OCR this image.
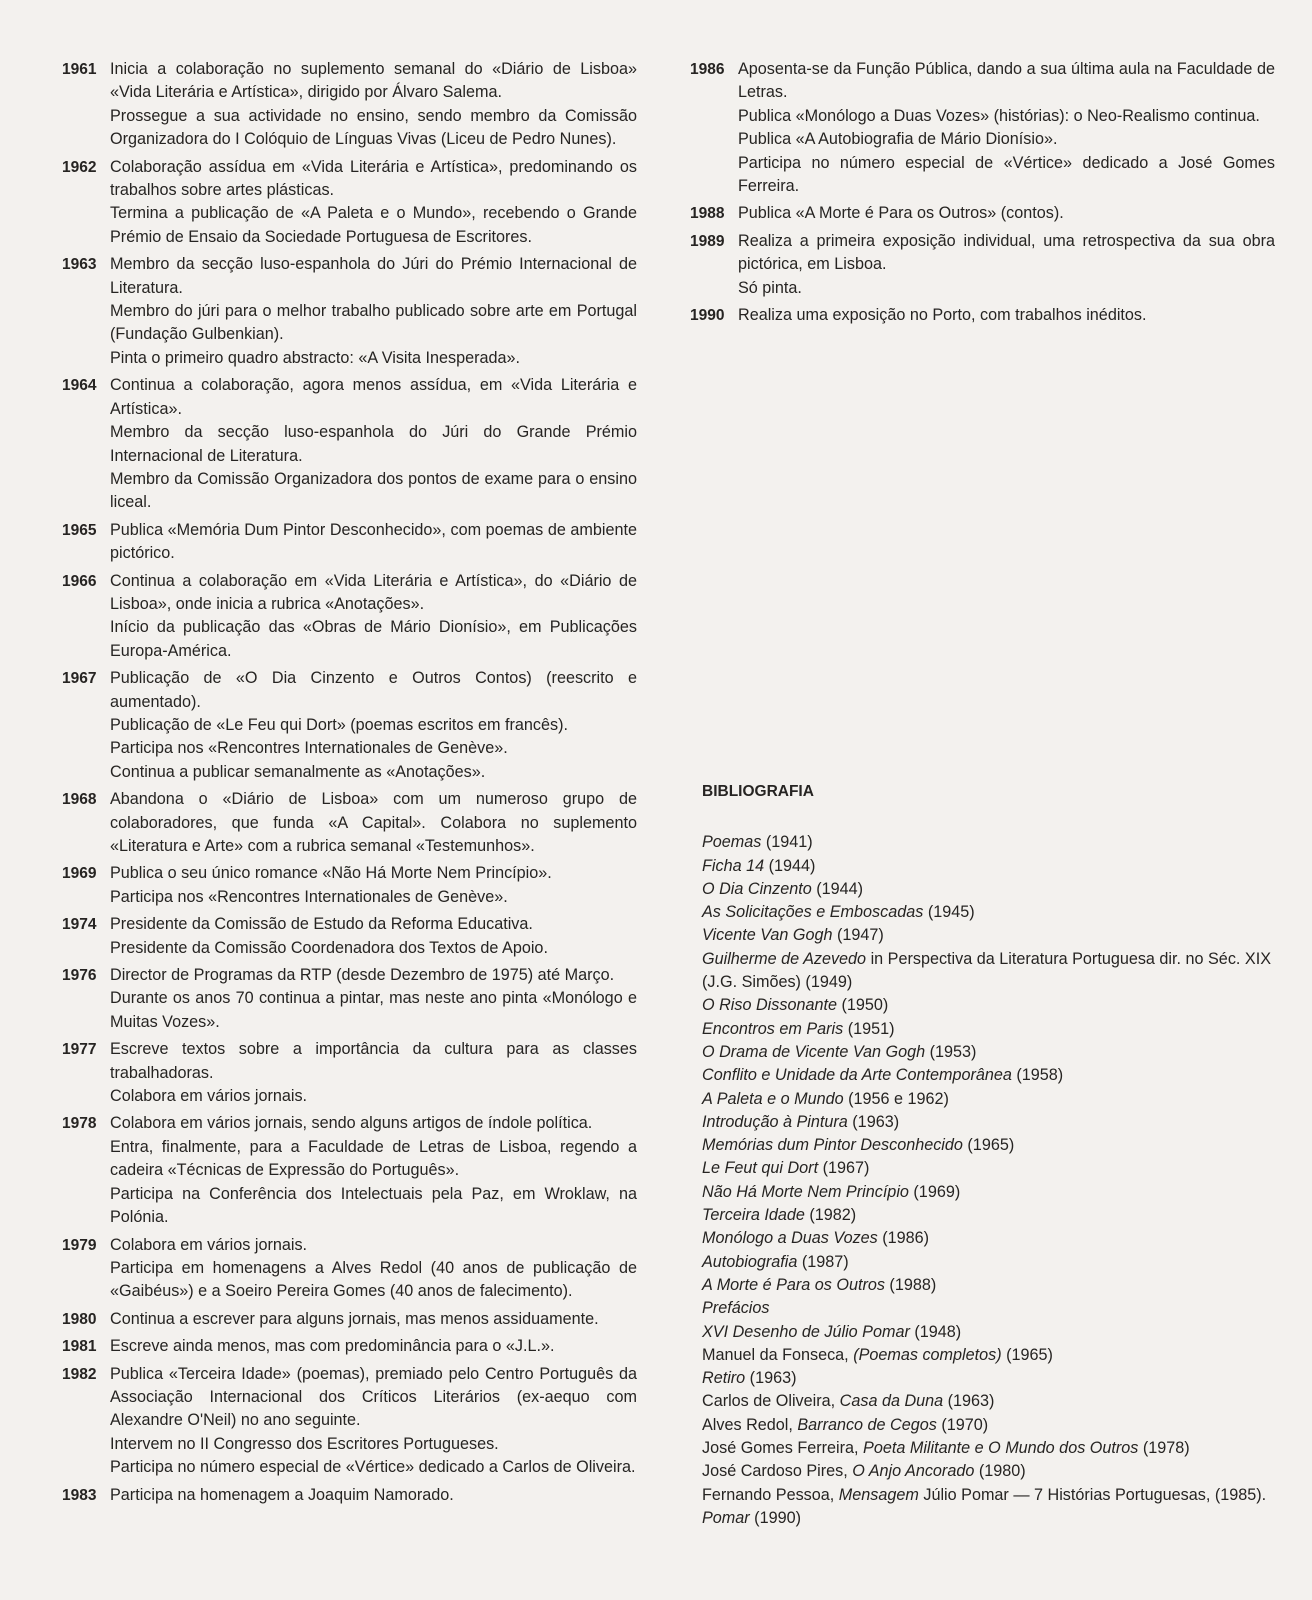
1961 Inicia a colaboração no suplemento semanal do «Diário de Lisboa» «Vida Literária e Artística», dirigido por Álvaro Salema.

Prossegue a sua actividade no ensino, sendo membro da Comissão Organizadora do I Colóquio de Línguas Vivas (Liceu de Pedro Nunes).

1962 Colaboração assídua em «Vida Literária e Artística», predominando os trabalhos sobre artes plásticas.

Termina a publicação de «A Paleta e o Mundo», recebendo o Grande Prémio de Ensaio da Sociedade Portuguesa de Escritores.

1963 Membro da secção luso-espanhola do Júri do Prémio Internacional de Literatura.

Membro do júri para o melhor trabalho publicado sobre arte em Portugal (Fundação Gulbenkian).

Pinta o primeiro quadro abstracto: «A Visita Inesperada».

1964 Continua a colaboração, agora menos assídua, em «Vida Literária e Artística».

Membro da secção luso-espanhola do Júri do Grande Prémio Internacional de Literatura.

Membro da Comissão Organizadora dos pontos de exame para o ensino liceal.

1965 Publica «Memória Dum Pintor Desconhecido», com poemas de ambiente pictórico.

1966 Continua a colaboração em «Vida Literária e Artística», do «Diário de Lisboa», onde inicia a rubrica «Anotações».

Início da publicação das «Obras de Mário Dionísio», em Publicações Europa-América.

1967 Publicação de «O Dia Cinzento e Outros Contos) (reescrito e aumentado).

Publicação de «Le Feu qui Dort» (poemas escritos em francês).

Participa nos «Rencontres Internationales de Genève».

Continua a publicar semanalmente as «Anotações».

1968 Abandona o «Diário de Lisboa» com um numeroso grupo de colaboradores, que funda «A Capital». Colabora no suplemento «Literatura e Arte» com a rubrica semanal «Testemunhos».

1969 Publica o seu único romance «Não Há Morte Nem Princípio».

Participa nos «Rencontres Internationales de Genève».

1974 Presidente da Comissão de Estudo da Reforma Educativa.

Presidente da Comissão Coordenadora dos Textos de Apoio.

1976 Director de Programas da RTP (desde Dezembro de 1975) até Março.

Durante os anos 70 continua a pintar, mas neste ano pinta «Monólogo e Muitas Vozes».

1977 Escreve textos sobre a importância da cultura para as classes trabalhadoras.

Colabora em vários jornais.

1978 Colabora em vários jornais, sendo alguns artigos de índole política.

Entra, finalmente, para a Faculdade de Letras de Lisboa, regendo a cadeira «Técnicas de Expressão do Português».

Participa na Conferência dos Intelectuais pela Paz, em Wroklaw, na Polónia.

1979 Colabora em vários jornais.

Participa em homenagens a Alves Redol (40 anos de publicação de «Gaibéus») e a Soeiro Pereira Gomes (40 anos de falecimento).

1980 Continua a escrever para alguns jornais, mas menos assiduamente.

1981 Escreve ainda menos, mas com predominância para o «J.L.».

1982 Publica «Terceira Idade» (poemas), premiado pelo Centro Português da Associação Internacional dos Críticos Literários (ex-aequo com Alexandre O'Neil) no ano seguinte.

Intervem no II Congresso dos Escritores Portugueses.

Participa no número especial de «Vértice» dedicado a Carlos de Oliveira.

1983 Participa na homenagem a Joaquim Namorado.

1986 Aposenta-se da Função Pública, dando a sua última aula na Faculdade de Letras.

Publica «Monólogo a Duas Vozes» (histórias): o Neo-Realismo continua.

Publica «A Autobiografia de Mário Dionísio».

Participa no número especial de «Vértice» dedicado a José Gomes Ferreira.

1988 Publica «A Morte é Para os Outros» (contos).

1989 Realiza a primeira exposição individual, uma retrospectiva da sua obra pictórica, em Lisboa.

Só pinta.

1990 Realiza uma exposição no Porto, com trabalhos inéditos.

BIBLIOGRAFIA

Poemas (1941)

Ficha 14 (1944)

O Dia Cinzento (1944)

As Solicitações e Emboscadas (1945)

Vicente Van Gogh (1947)

Guilherme de Azevedo in Perspectiva da Literatura Portuguesa dir. no Séc. XIX (J.G. Simões) (1949)

O Riso Dissonante (1950)

Encontros em Paris (1951)

O Drama de Vicente Van Gogh (1953)

Conflito e Unidade da Arte Contemporânea (1958)

A Paleta e o Mundo (1956 e 1962)

Introdução à Pintura (1963)

Memórias dum Pintor Desconhecido (1965)

Le Feut qui Dort (1967)

Não Há Morte Nem Princípio (1969)

Terceira Idade (1982)

Monólogo a Duas Vozes (1986)

Autobiografia (1987)

A Morte é Para os Outros (1988)

Prefácios

XVI Desenho de Júlio Pomar (1948)

Manuel da Fonseca, (Poemas completos) (1965)

Retiro (1963)

Carlos de Oliveira, Casa da Duna (1963)

Alves Redol, Barranco de Cegos (1970)

José Gomes Ferreira, Poeta Militante e O Mundo dos Outros (1978)

José Cardoso Pires, O Anjo Ancorado (1980)

Fernando Pessoa, Mensagem Júlio Pomar — 7 Histórias Portuguesas, (1985).

Pomar (1990)
